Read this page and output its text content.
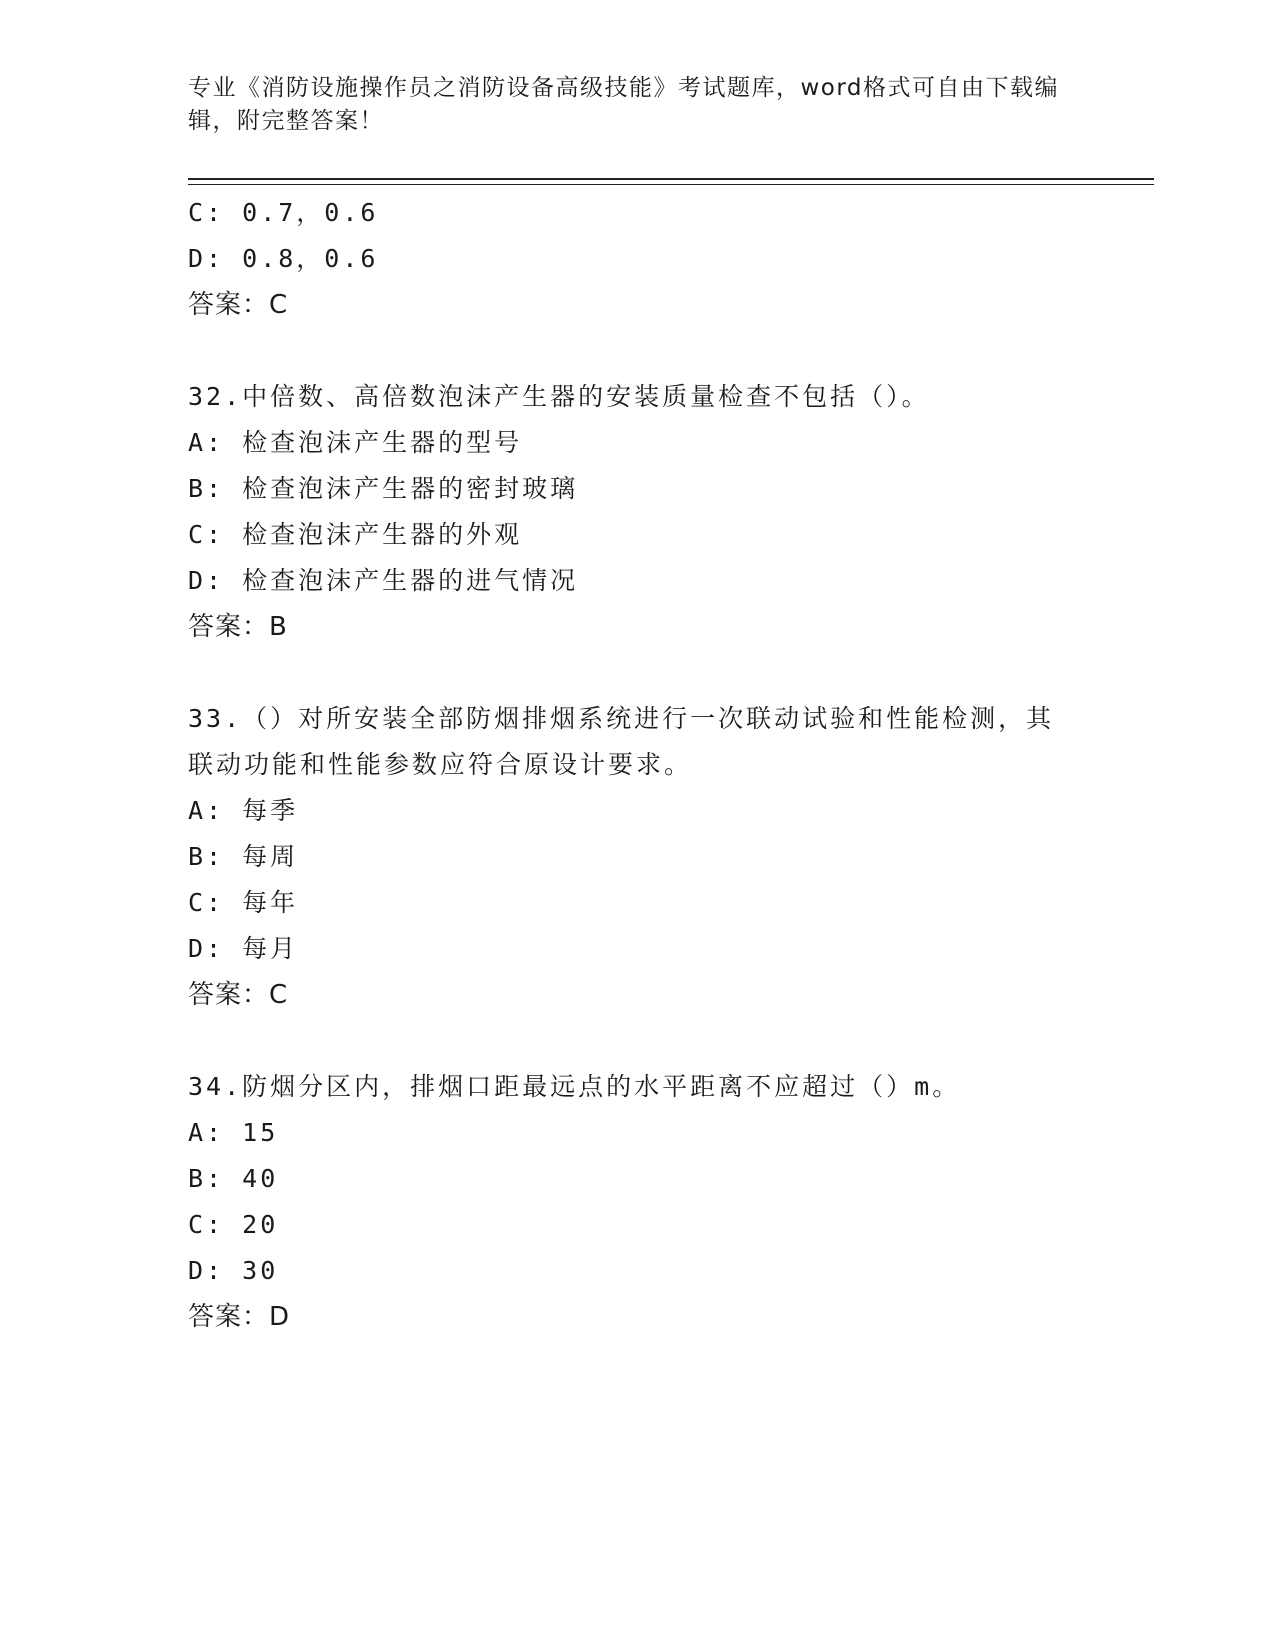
专业《消防设施操作员之消防设备高级技能》考试题库，word格式可自由下载编
辑，附完整答案！
C: 0.7，0.6
D: 0.8，0.6
答案：C
32.中倍数、高倍数泡沫产生器的安装质量检查不包括（）。
A: 检查泡沫产生器的型号
B: 检查泡沫产生器的密封玻璃
C: 检查泡沫产生器的外观
D: 检查泡沫产生器的进气情况
答案：B
33.（）对所安装全部防烟排烟系统进行一次联动试验和性能检测，其
联动功能和性能参数应符合原设计要求。
A: 每季
B: 每周
C: 每年
D: 每月
答案：C
34.防烟分区内，排烟口距最远点的水平距离不应超过（）m。
A: 15
B: 40
C: 20
D: 30
答案：D
